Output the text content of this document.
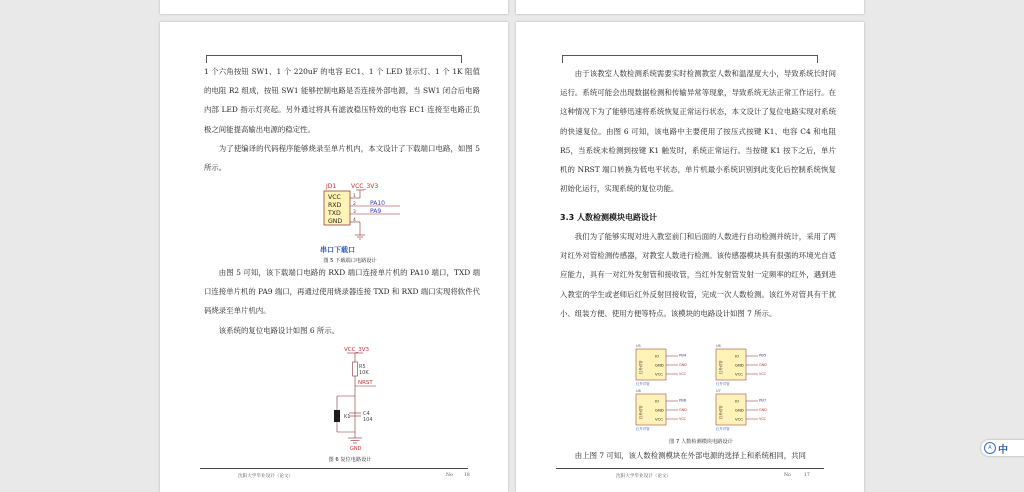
1 个六角按钮 SW1、1 个 220uF 的电容 EC1、1 个 LED 显示灯、1 个 1K 阻值的电阻 R2 组成，按钮 SW1 能够控制电路是否连接外部电源，当 SW1 闭合后电路内部 LED 指示灯亮起。另外通过将具有滤波稳压特效的电容 EC1 连接至电路正负极之间能提高输出电源的稳定性。

为了使编译的代码程序能够烧录至单片机内，本文设计了下载端口电路，如图 5 所示。

JD1 VCC_3V3
VCC
RXD
TXD
GND
1
2
3
4
PA10
PA9
串口下载口
图 5 下载端口电路设计

由图 5 可知，该下载端口电路的 RXD 端口连接单片机的 PA10 端口，TXD 端口连接单片机的 PA9 端口，再通过使用烧录器连接 TXD 和 RXD 端口实现将软件代码烧录至单片机内。

该系统的复位电路设计如图 6 所示。

VCC_3V3
R5
10K
K1	C4
104
GND
NRST
图 6 复位电路设计
沈阳大学毕业设计（论文）	No 18

由于该教室人数检测系统需要实时检测教室人数和温湿度大小，导致系统长时间运行。系统可能会出现数据检测和传输异常等现象，导致系统无法正常工作运行。在这种情况下为了能够迅速将系统恢复正常运行状态，本文设计了复位电路实现对系统的快速复位。由图 6 可知，该电路中主要使用了按压式按键 K1、电容 C4 和电阻 R5，当系统未检测到按键 K1 触发时，系统正常运行。当按键 K1 按下之后，单片机的 NRST 端口转换为低电平状态，单片机最小系统识别到此变化后控制系统恢复初始化运行，实现系统的复位功能。

3.3 人数检测模块电路设计

我们为了能够实现对进入教室前门和后面的人数进行自动检测并统计，采用了两对红外对管检测传感器，对教室人数进行检测。该传感器模块具有很强的环境光自适应能力，具有一对红外发射管和接收管，当红外发射管发射一定频率的红外，遇到进入教室的学生或老师后红外反射回接收管，完成一次人数检测。该红外对管具有干扰小、组装方便、使用方便等特点。该模块的电路设计如图 7 所示。

U5
红外对管
IO
GND
VCC
PB4
GND
VCC
红外对管
U6
红外对管
IO
GND
VCC
PB5
GND
VCC
红外对管
U8
红外对管
IO
GND
VCC
PB6
GND
VCC
红外对管
U7
红外对管
IO
GND
VCC
PB7
GND
VCC
红外对管
图 7 人数检测模块电路设计

由上图 7 可知，该人数检测模块在外部电源的选择上和系统相同，共同

沈阳大学毕业设计（论文）	No	17
A 中
